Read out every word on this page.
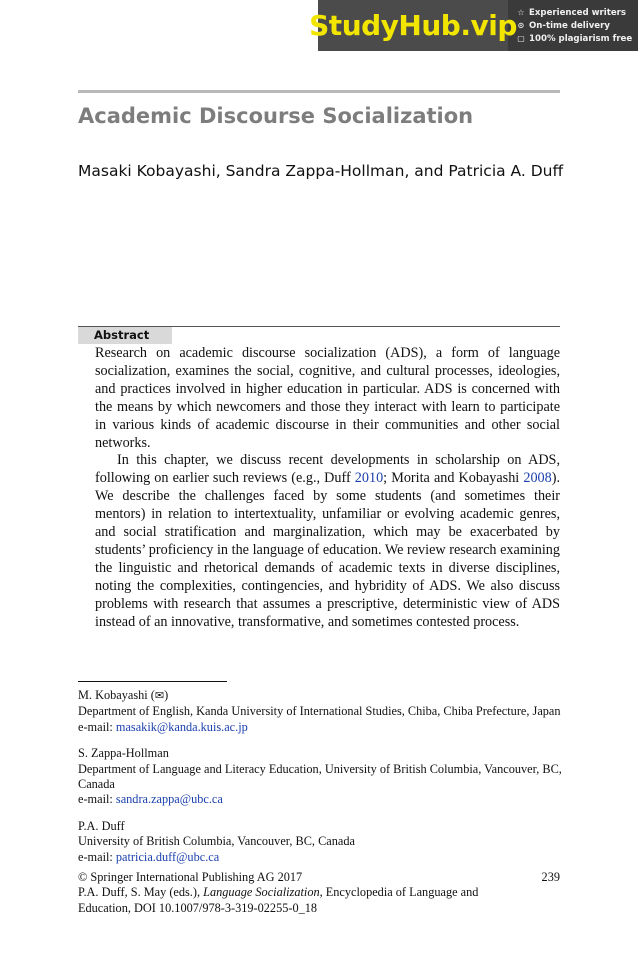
StudyHub.vip ☆ Experienced writers
⊙ On-time delivery
▢ 100% plagiarism free
Academic Discourse Socialization
Masaki Kobayashi, Sandra Zappa-Hollman, and Patricia A. Duff
Abstract

Research on academic discourse socialization (ADS), a form of language socialization, examines the social, cognitive, and cultural processes, ideologies, and practices involved in higher education in particular. ADS is concerned with the means by which newcomers and those they interact with learn to participate in various kinds of academic discourse in their communities and other social networks.

In this chapter, we discuss recent developments in scholarship on ADS, following on earlier such reviews (e.g., Duff 2010; Morita and Kobayashi 2008). We describe the challenges faced by some students (and sometimes their mentors) in relation to intertextuality, unfamiliar or evolving academic genres, and social stratification and marginalization, which may be exacerbated by students’ proficiency in the language of education. We review research examining the linguistic and rhetorical demands of academic texts in diverse disciplines, noting the complexities, contingencies, and hybridity of ADS. We also discuss problems with research that assumes a prescriptive, deterministic view of ADS instead of an innovative, transformative, and sometimes contested process.

M. Kobayashi (✉)
Department of English, Kanda University of International Studies, Chiba, Chiba Prefecture, Japan
e-mail: masakik@kanda.kuis.ac.jp
S. Zappa-Hollman
Department of Language and Literacy Education, University of British Columbia, Vancouver, BC,
Canada
e-mail: sandra.zappa@ubc.ca
P.A. Duff
University of British Columbia, Vancouver, BC, Canada
e-mail: patricia.duff@ubc.ca
© Springer International Publishing AG 2017	239
P.A. Duff, S. May (eds.), Language Socialization, Encyclopedia of Language and
Education, DOI 10.1007/978-3-319-02255-0_18
